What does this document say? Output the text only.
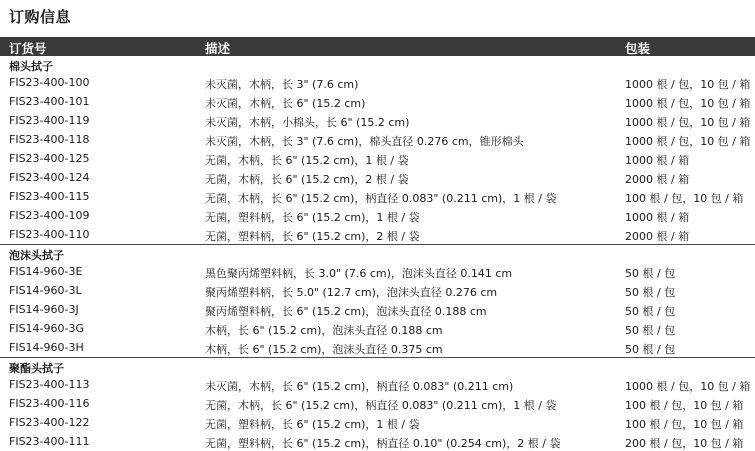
订购信息
订货号	描述	包装
棉头拭子
FIS23-400-100	未灭菌，木柄，长 3" (7.6 cm)	1000 根 / 包，10 包 / 箱
FIS23-400-101	未灭菌，木柄，长 6" (15.2 cm)	1000 根 / 包，10 包 / 箱
FIS23-400-119	未灭菌，木柄，小棉头，长 6" (15.2 cm)	1000 根 / 包，10 包 / 箱
FIS23-400-118	未灭菌，木柄，长 3" (7.6 cm)，棉头直径 0.276 cm，锥形棉头	1000 根 / 包，10 包 / 箱
FIS23-400-125	无菌，木柄，长 6" (15.2 cm)，1 根 / 袋	1000 根 / 箱
FIS23-400-124	无菌，木柄，长 6" (15.2 cm)，2 根 / 袋	2000 根 / 箱
FIS23-400-115	无菌，木柄，长 6" (15.2 cm)，柄直径 0.083" (0.211 cm)，1 根 / 袋	100 根 / 包，10 包 / 箱
FIS23-400-109	无菌，塑料柄，长 6" (15.2 cm)，1 根 / 袋	1000 根 / 箱
FIS23-400-110	无菌，塑料柄，长 6" (15.2 cm)，2 根 / 袋	2000 根 / 箱
泡沫头拭子
FIS14-960-3E	黑色聚丙烯塑料柄，长 3.0" (7.6 cm)，泡沫头直径 0.141 cm	50 根 / 包
FIS14-960-3L	聚丙烯塑料柄，长 5.0" (12.7 cm)，泡沫头直径 0.276 cm	50 根 / 包
FIS14-960-3J	聚丙烯塑料柄，长 6" (15.2 cm)，泡沫头直径 0.188 cm	50 根 / 包
FIS14-960-3G	木柄，长 6" (15.2 cm)，泡沫头直径 0.188 cm	50 根 / 包
FIS14-960-3H	木柄，长 6" (15.2 cm)，泡沫头直径 0.375 cm	50 根 / 包
聚酯头拭子
FIS23-400-113	未灭菌，木柄，长 6" (15.2 cm)，柄直径 0.083" (0.211 cm)	1000 根 / 包，10 包 / 箱
FIS23-400-116	无菌，木柄，长 6" (15.2 cm)，柄直径 0.083" (0.211 cm)，1 根 / 袋	100 根 / 包，10 包 / 箱
FIS23-400-122	无菌，塑料柄，长 6" (15.2 cm)，1 根 / 袋	100 根 / 包，10 包 / 箱
FIS23-400-111	无菌，塑料柄，长 6" (15.2 cm)，柄直径 0.10" (0.254 cm)，2 根 / 袋	200 根 / 包，10 包 / 箱
